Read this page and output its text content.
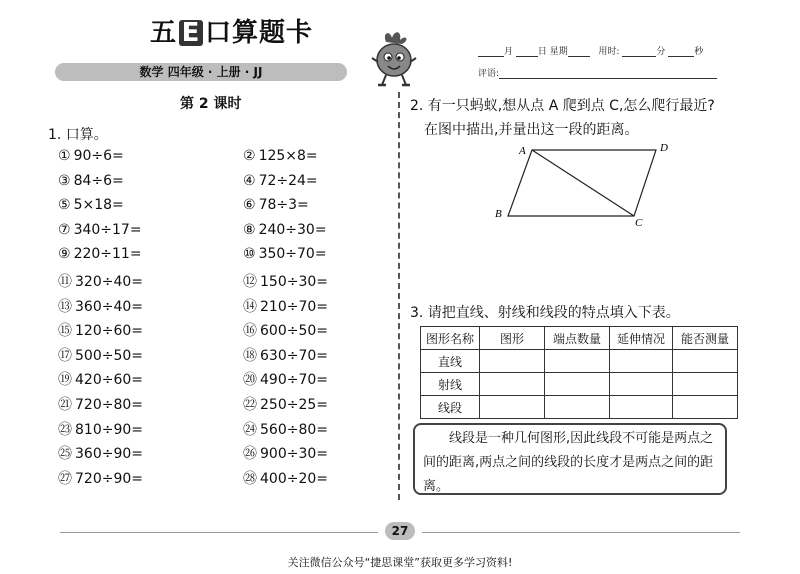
五 E 口算题卡
数学 四年级 · 上册 · JJ
月	日 星期	用时:	分	秒
评语:
第 2 课时
1. 口算。
① 90÷6=	② 125×8=
③ 84÷6=	④ 72÷24=
⑤ 5×18=	⑥ 78÷3=
⑦ 340÷17=	⑧ 240÷30=
⑨ 220÷11=	⑩ 350÷70=
⑪ 320÷40=	⑫ 150÷30=
⑬ 360÷40=	⑭ 210÷70=
⑮ 120÷60=	⑯ 600÷50=
⑰ 500÷50=	⑱ 630÷70=
⑲ 420÷60=	⑳ 490÷70=
㉑ 720÷80=	㉒ 250÷25=
㉓ 810÷90=	㉔ 560÷80=
㉕ 360÷90=	㉖ 900÷30=
㉗ 720÷90=	㉘ 400÷20=
2. 有一只蚂蚁,想从点 A 爬到点 C,怎么爬行最近?
在图中描出,并量出这一段的距离。
A	D
B
C
3. 请把直线、射线和线段的特点填入下表。
图形名称	图形	端点数量	延伸情况	能否测量
直线				
射线				
线段				
线段是一种几何图形,因此线段不可能是两点之间的距离,两点之间的线段的长度才是两点之间的距离。
27
关注微信公众号“捷思课堂”获取更多学习资料!
